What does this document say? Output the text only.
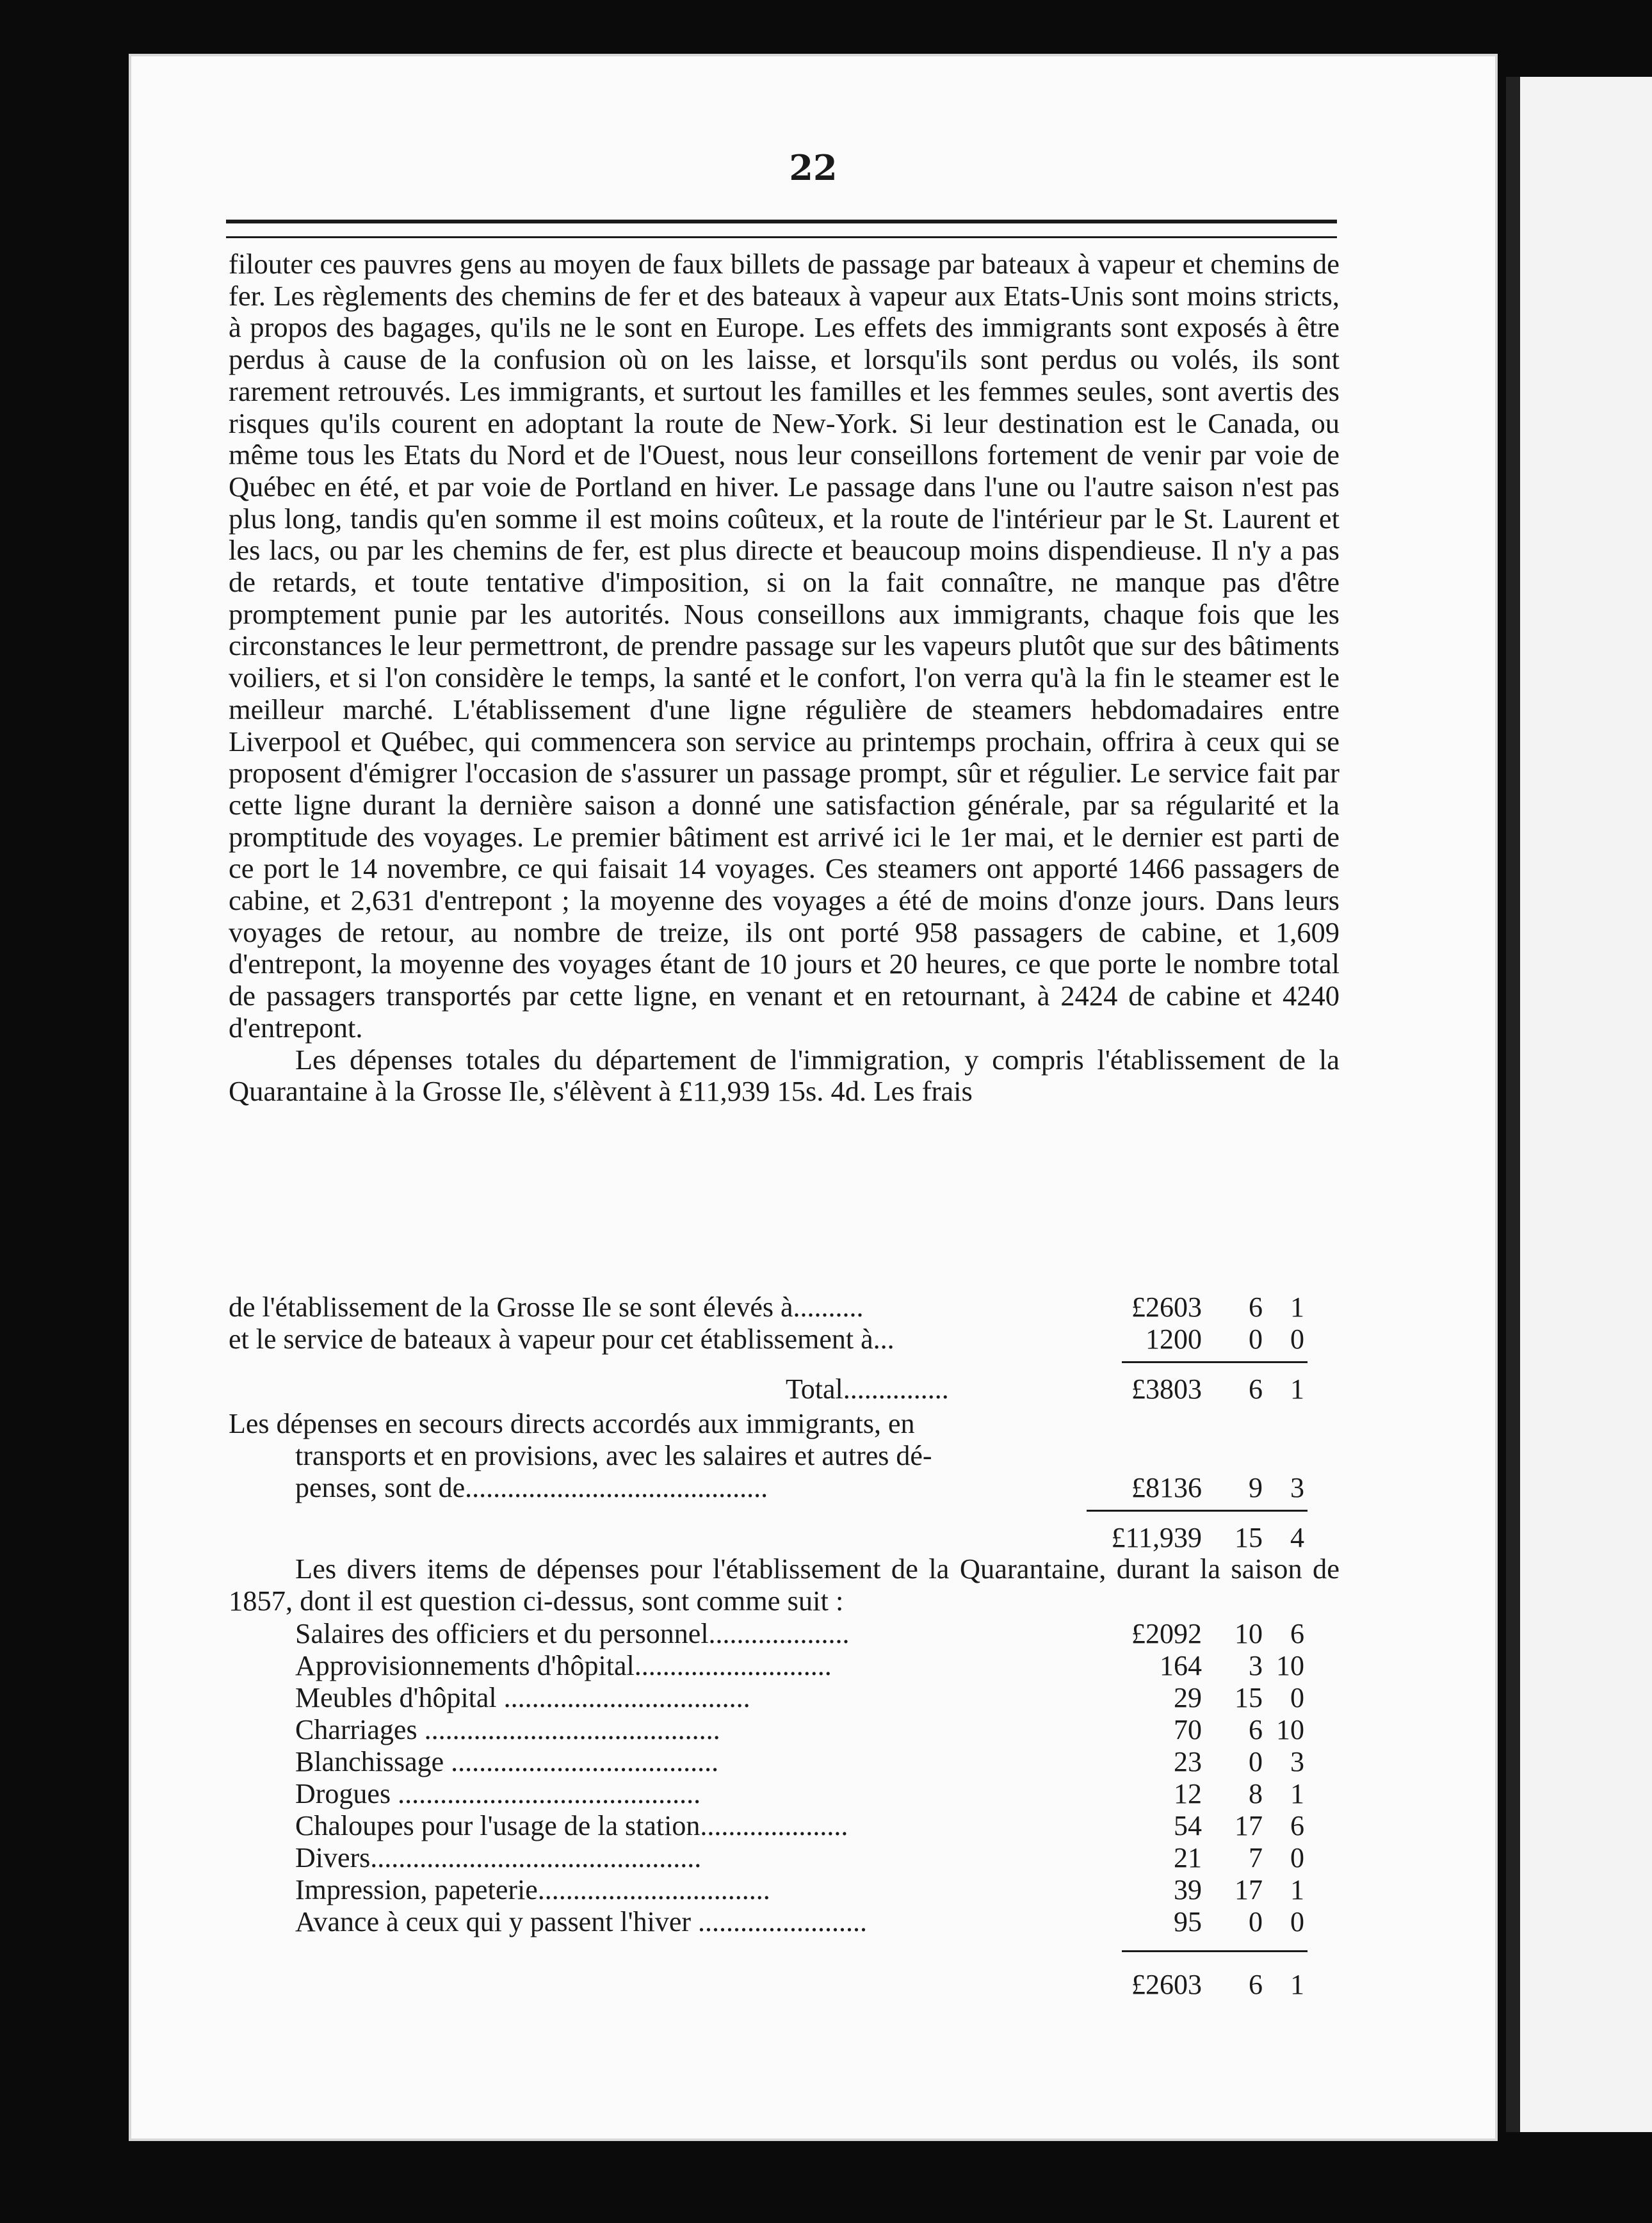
22

filouter ces pauvres gens au moyen de faux billets de passage par bateaux à vapeur et chemins de fer. Les règlements des chemins de fer et des bateaux à vapeur aux Etats-Unis sont moins stricts, à propos des bagages, qu'ils ne le sont en Europe. Les effets des immigrants sont exposés à être perdus à cause de la confusion où on les laisse, et lorsqu'ils sont perdus ou volés, ils sont rarement retrouvés. Les immigrants, et surtout les familles et les femmes seules, sont avertis des risques qu'ils courent en adoptant la route de New-York. Si leur destination est le Canada, ou même tous les Etats du Nord et de l'Ouest, nous leur conseillons fortement de venir par voie de Québec en été, et par voie de Portland en hiver. Le passage dans l'une ou l'autre saison n'est pas plus long, tandis qu'en somme il est moins coûteux, et la route de l'intérieur par le St. Laurent et les lacs, ou par les chemins de fer, est plus directe et beaucoup moins dispendieuse. Il n'y a pas de retards, et toute tentative d'imposition, si on la fait connaître, ne manque pas d'être promptement punie par les autorités. Nous conseillons aux immigrants, chaque fois que les circonstances le leur permettront, de prendre passage sur les vapeurs plutôt que sur des bâtiments voiliers, et si l'on considère le temps, la santé et le confort, l'on verra qu'à la fin le steamer est le meilleur marché. L'établissement d'une ligne régulière de steamers hebdomadaires entre Liverpool et Québec, qui commencera son service au printemps prochain, offrira à ceux qui se proposent d'émigrer l'occasion de s'assurer un passage prompt, sûr et régulier. Le service fait par cette ligne durant la dernière saison a donné une satisfaction générale, par sa régularité et la promptitude des voyages. Le premier bâtiment est arrivé ici le 1er mai, et le dernier est parti de ce port le 14 novembre, ce qui faisait 14 voyages. Ces steamers ont apporté 1466 passagers de cabine, et 2,631 d'entrepont ; la moyenne des voyages a été de moins d'onze jours. Dans leurs voyages de retour, au nombre de treize, ils ont porté 958 passagers de cabine, et 1,609 d'entrepont, la moyenne des voyages étant de 10 jours et 20 heures, ce que porte le nombre total de passagers transportés par cette ligne, en venant et en retournant, à 2424 de cabine et 4240 d'entrepont.

Les dépenses totales du département de l'immigration, y compris l'établissement de la Quarantaine à la Grosse Ile, s'élèvent à £11,939 15s. 4d. Les frais

de l'établissement de la Grosse Ile se sont élevés à..........	£2603	6 1
et le service de bateaux à vapeur pour cet établissement à...	1200	0 0
Total...............	£3803	6 1
Les dépenses en secours directs accordés aux immigrants, en
transports et en provisions, avec les salaires et autres dé-
penses, sont de...........................................	£8136	9 3
£11,939	15 4

Les divers items de dépenses pour l'établissement de la Quarantaine, durant la saison de 1857, dont il est question ci-dessus, sont comme suit :

Salaires des officiers et du personnel....................	£2092	10 6
Approvisionnements d'hôpital............................	164	3 10
Meubles d'hôpital ...................................	29	15 0
Charriages ..........................................	70	6 10
Blanchissage ......................................	23	0 3
Drogues ...........................................	12	8 1
Chaloupes pour l'usage de la station.....................	54	17 6
Divers...............................................	21	7 0
Impression, papeterie.................................	39	17 1
Avance à ceux qui y passent l'hiver ........................	95	0 0
£2603	6 1
